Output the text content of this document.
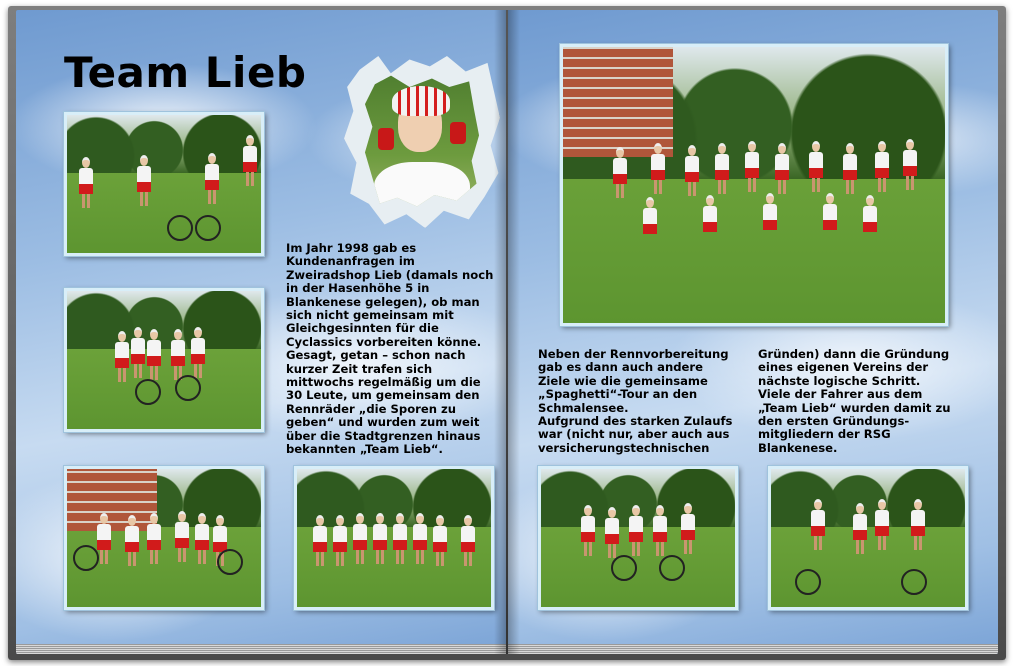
Team Lieb

Im Jahr 1998 gab es
Kundenanfragen im
Zweiradshop Lieb (damals noch
in der Hasenhöhe 5 in
Blankenese gelegen), ob man
sich nicht gemeinsam mit
Gleichgesinnten für die
Cyclassics vorbereiten könne.
Gesagt, getan – schon nach
kurzer Zeit trafen sich
mittwochs regelmäßig um die
30 Leute, um gemeinsam den
Rennräder „die Sporen zu
geben“ und wurden zum weit
über die Stadtgrenzen hinaus
bekannten „Team Lieb“.

Neben der Rennvorbereitung
gab es dann auch andere
Ziele wie die gemeinsame
„Spaghetti“-Tour an den
Schmalensee.
Aufgrund des starken Zulaufs
war (nicht nur, aber auch aus
versicherungstechnischen

Gründen) dann die Gründung
eines eigenen Vereins der
nächste logische Schritt.
Viele der Fahrer aus dem
„Team Lieb“ wurden damit zu
den ersten Gründungs-
mitgliedern der RSG
Blankenese.
